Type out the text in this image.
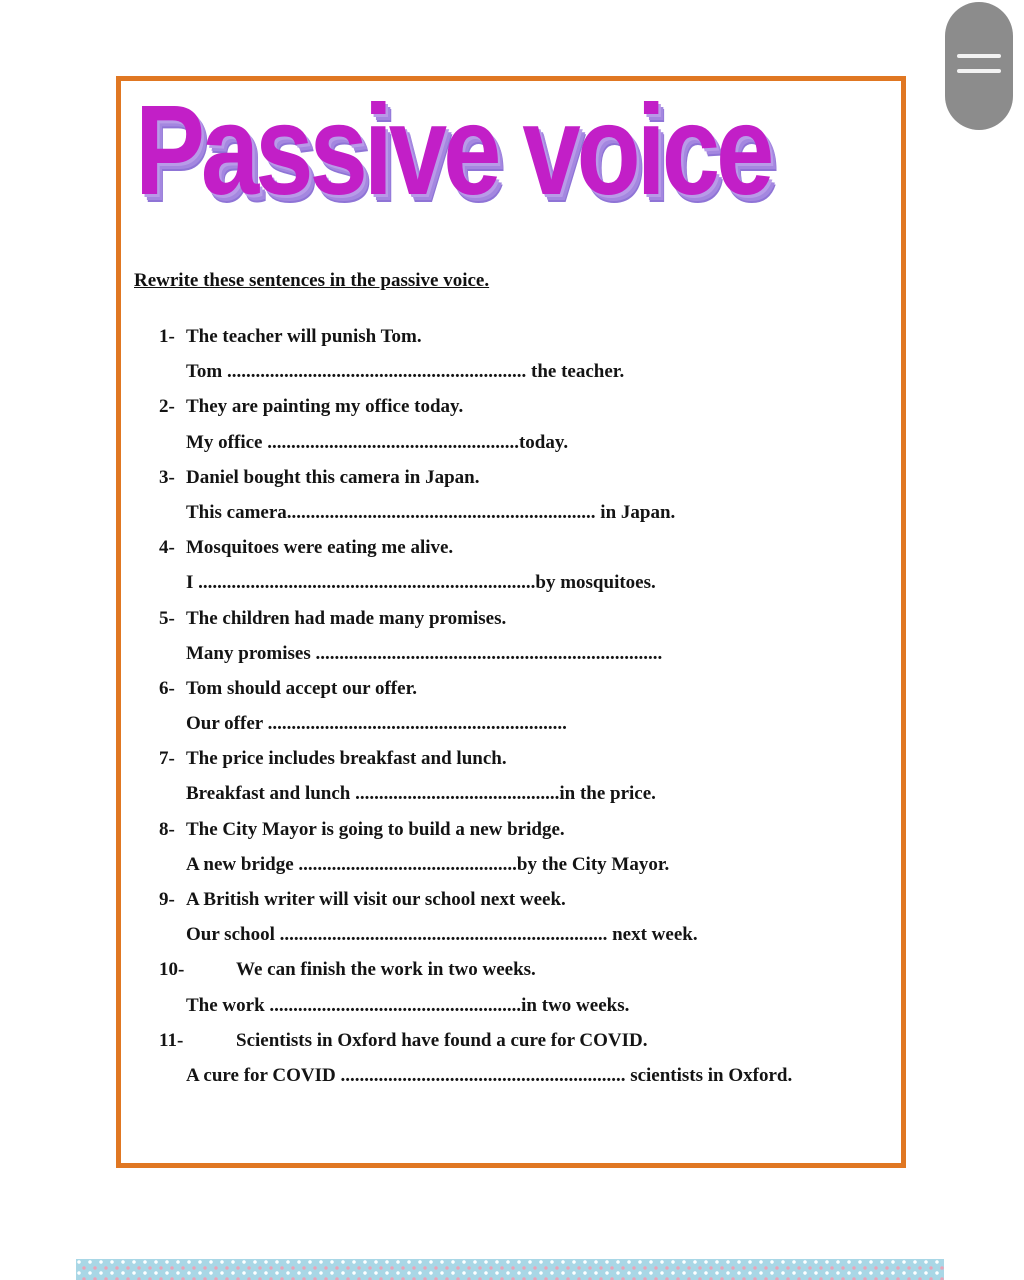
Passive voice
Rewrite these sentences in the passive voice.
1- The teacher will punish Tom.
Tom ............................................................... the teacher.
2- They are painting my office today.
My office .....................................................today.
3- Daniel bought this camera in Japan.
This camera................................................................. in Japan.
4- Mosquitoes were eating me alive.
I .......................................................................by mosquitoes.
5- The children had made many promises.
Many promises .........................................................................
6- Tom should accept our offer.
Our offer ...............................................................
7- The price includes breakfast and lunch.
Breakfast and lunch ...........................................in the price.
8- The City Mayor is going to build a new bridge.
A new bridge ..............................................by the City Mayor.
9- A British writer will visit our school next week.
Our school ..................................................................... next week.
10-	We can finish the work in two weeks.
The work .....................................................in two weeks.
11-	Scientists in Oxford have found a cure for COVID.
A cure for COVID ............................................................ scientists in Oxford.
